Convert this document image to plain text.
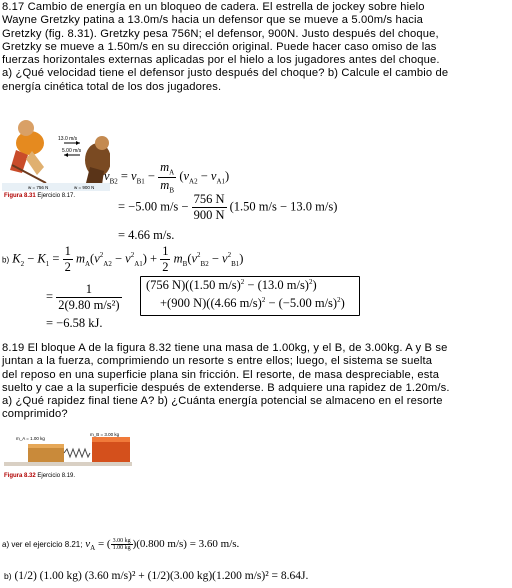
8.17 Cambio de energía en un bloqueo de cadera. El estrella de jockey sobre hielo Wayne Gretzky patina a 13.0m/s hacia un defensor que se mueve a 5.00m/s hacia Gretzky (fig. 8.31). Gretzky pesa 756N; el defensor, 900N. Justo después del choque, Gretzky se mueve a 1.50m/s en su dirección original. Puede hacer caso omiso de las fuerzas horizontales externas aplicadas por el hielo a los jugadores antes del choque. a) ¿Qué velocidad tiene el defensor justo después del choque? b) Calcule el cambio de energía cinética total de los dos jugadores.
13.0 m/s
5.00 m/s
w = 756 N	w = 900 N
Figura 8.31 Ejercicio 8.17.
$v_{B2} = v_{B1} - \frac{m_A}{m_B} (v_{A2} - v_{A1})$
= −5.00 $m/s - \frac{756 N}{900 N} (1.50$ m/s − 13.0 m/s)
= 4.66 m/s.
b) $K_2 - K_1 = \frac{1}{2} m_A(v^2_{A2} - v^2_{A1}) + \frac{1}{2} m_B(v^2_{B2} - v^2_{B1})$
= $\frac{1}{\text{2(9.80 m/s²)}} (756$ N)((1.50 m/s)$^2$ − (13.0 m/s)$^2$)
+(900 N)((4.66 m/s)$^2$ − (−5.00 m/s)$^2$)
= −6.58 kJ.
8.19 El bloque A de la figura 8.32 tiene una masa de 1.00kg, y el B, de 3.00kg. A y B se juntan a la fuerza, comprimiendo un resorte s entre ellos; luego, el sistema se suelta del reposo en una superficie plana sin fricción. El resorte, de masa despreciable, esta suelto y cae a la superficie después de extenderse. B adquiere una rapidez de 1.20m/s. a) ¿Qué rapidez final tiene A? b) ¿Cuánta energía potencial se almaceno en el resorte comprimido?
m_A = 1.00 kg
m_B = 3.00 kg
Figura 8.32 Ejercicio 8.19.
a) ver el ejercicio 8.21; $v_A$ = ( $\frac{3.00 kg}{1.00 kg} )(0.800$ m/s) = 3.60 m/s.
b) (1/2) (1.00 kg) (3.60 m/s)² + (1/2)(3.00 kg)(1.200 m/s)² = 8.64J.
